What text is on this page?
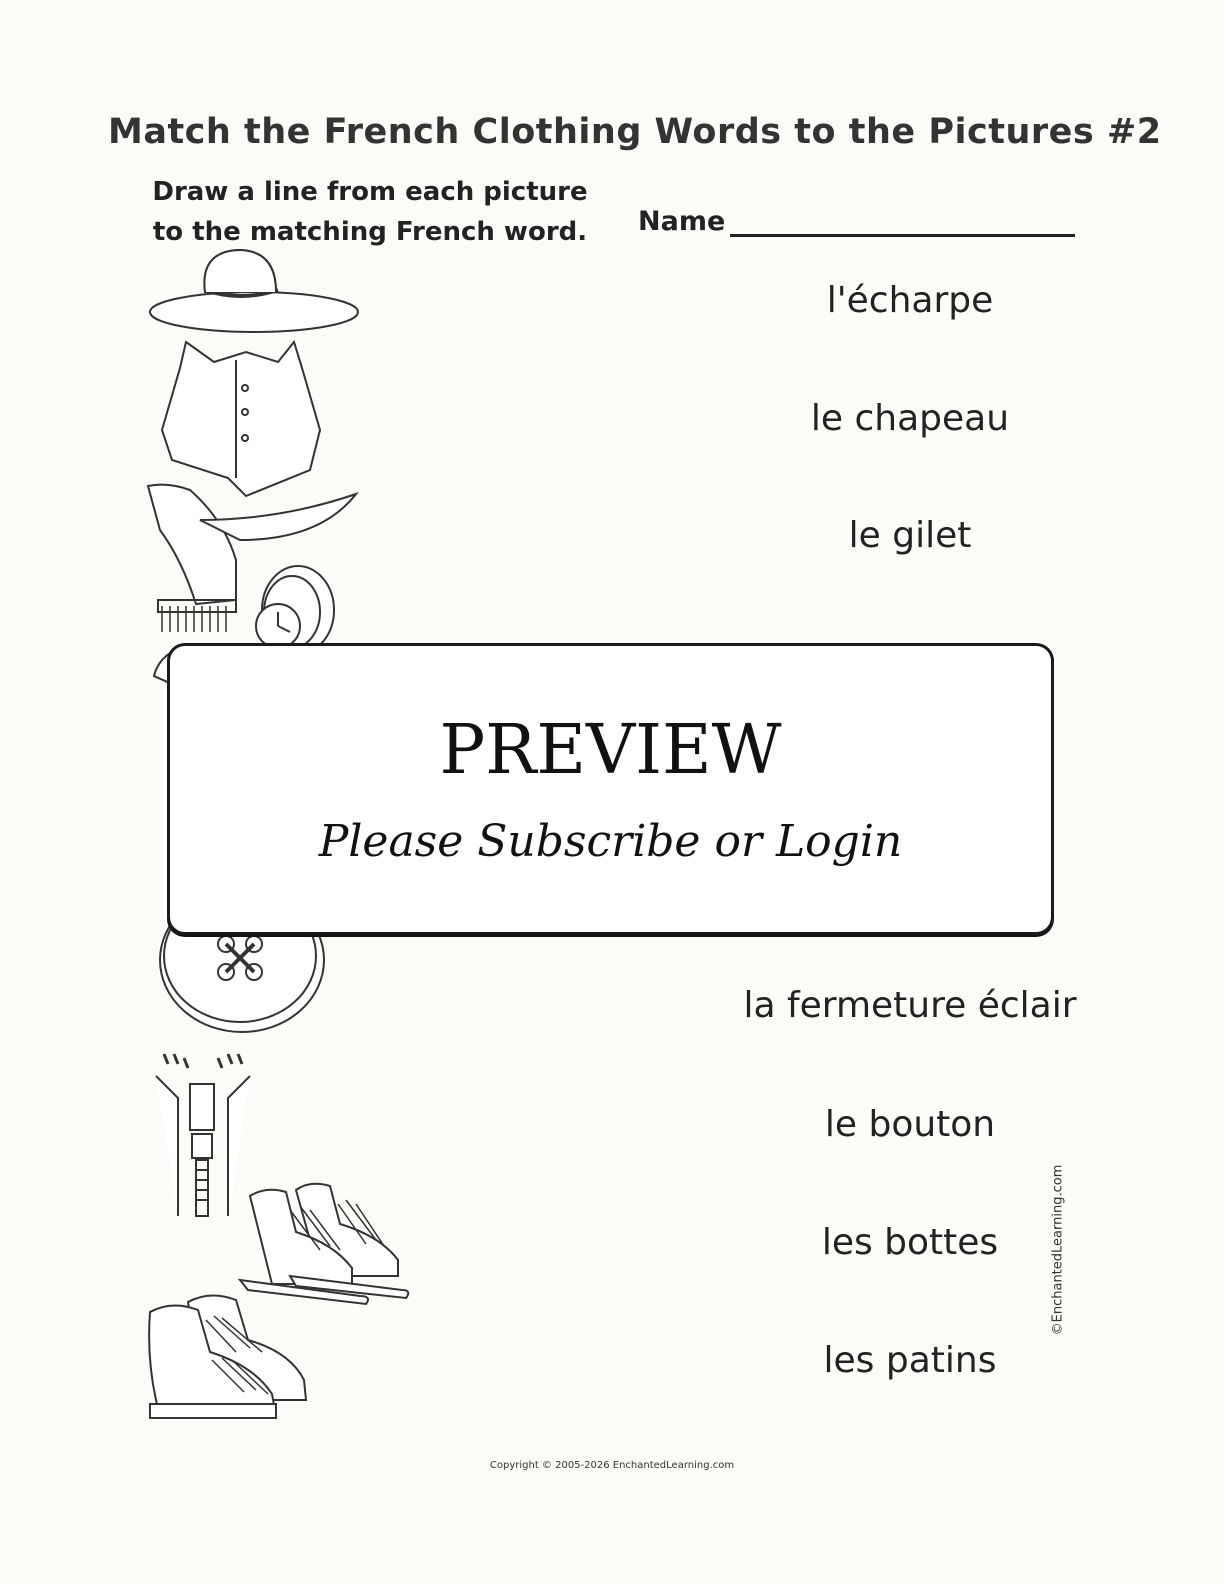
Match the French Clothing Words to the Pictures #2
Draw a line from each picture
to the matching French word.	Name
l'écharpe
le chapeau
le gilet
la fermeture éclair
le bouton
les bottes
les patins
PREVIEW
Please Subscribe or Login
Copyright © 2005-2026 EnchantedLearning.com
©EnchantedLearning.com
